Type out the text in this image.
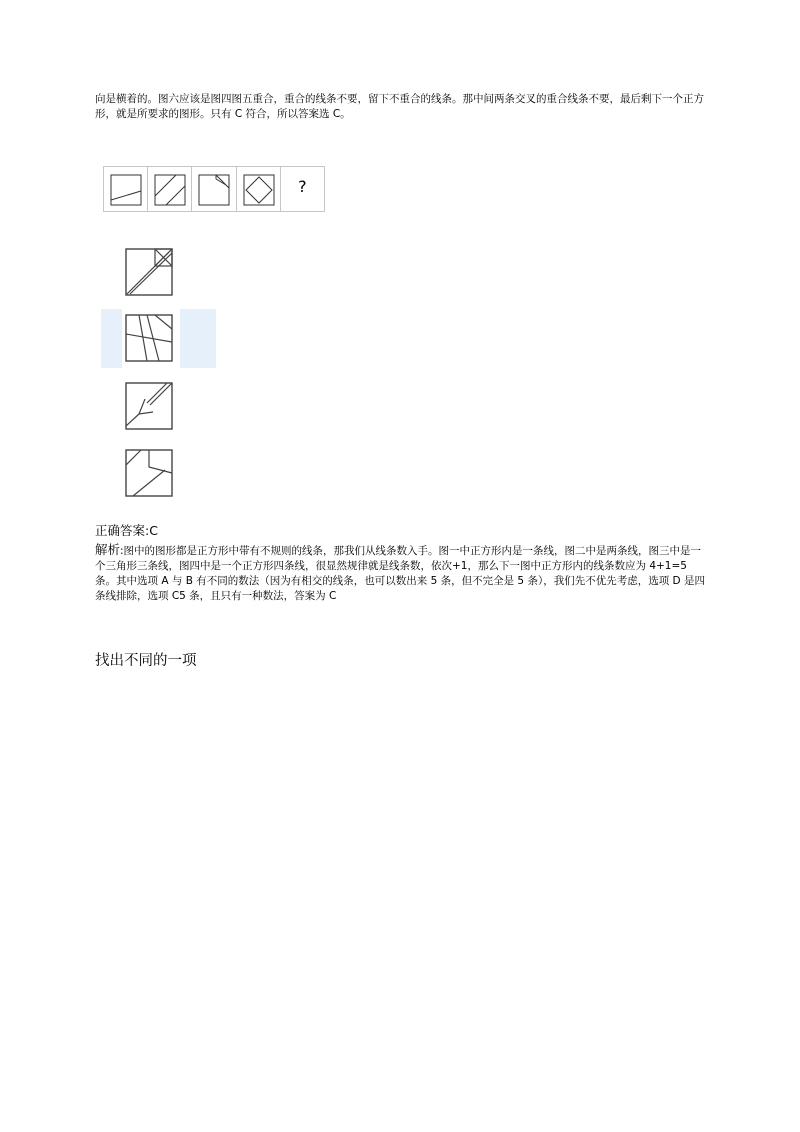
向是横着的。图六应该是图四图五重合，重合的线条不要，留下不重合的线条。那中间两条交叉的重合线条不要，最后剩下一个正方形，就是所要求的图形。只有 C 符合，所以答案选 C。

?

正确答案:C

解析:图中的图形都是正方形中带有不规则的线条，那我们从线条数入手。图一中正方形内是一条线，图二中是两条线，图三中是一个三角形三条线，图四中是一个正方形四条线，很显然规律就是线条数，依次+1，那么下一图中正方形内的线条数应为 4+1=5 条。其中选项 A 与 B 有不同的数法（因为有相交的线条，也可以数出来 5 条，但不完全是 5 条），我们先不优先考虑，选项 D 是四条线排除，选项 C5 条，且只有一种数法，答案为 C

找出不同的一项
